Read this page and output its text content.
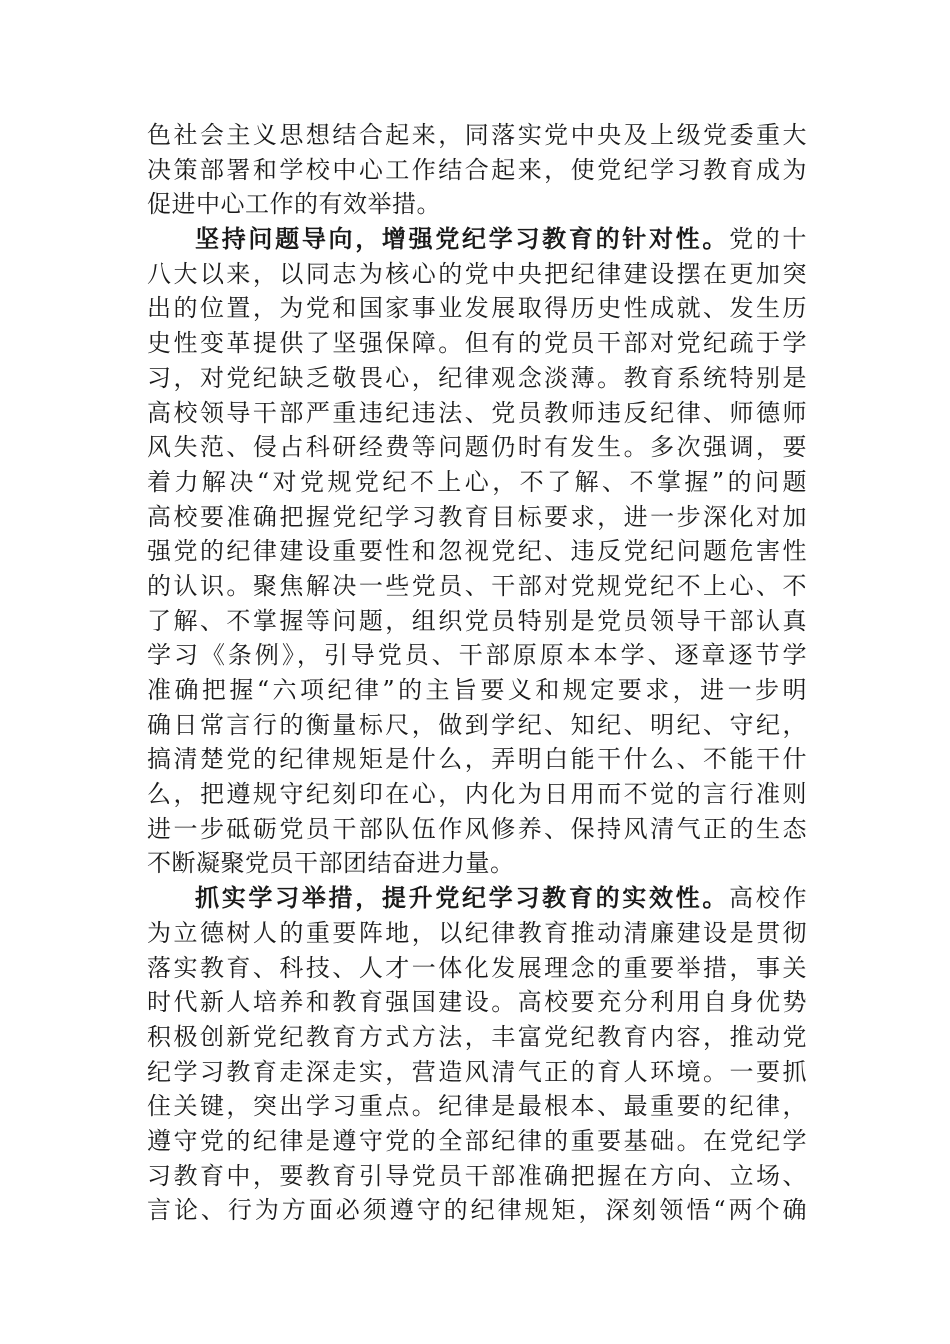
色社会主义思想结合起来，同落实党中央及上级党委重大
决策部署和学校中心工作结合起来，使党纪学习教育成为
促进中心工作的有效举措。
坚持问题导向，增强党纪学习教育的针对性。党的十
八大以来，以同志为核心的党中央把纪律建设摆在更加突
出的位置，为党和国家事业发展取得历史性成就、发生历
史性变革提供了坚强保障。但有的党员干部对党纪疏于学
习，对党纪缺乏敬畏心，纪律观念淡薄。教育系统特别是
高校领导干部严重违纪违法、党员教师违反纪律、师德师
风失范、侵占科研经费等问题仍时有发生。多次强调，要
着力解决“对党规党纪不上心，不了解、不掌握”的问题
高校要准确把握党纪学习教育目标要求，进一步深化对加
强党的纪律建设重要性和忽视党纪、违反党纪问题危害性
的认识。聚焦解决一些党员、干部对党规党纪不上心、不
了解、不掌握等问题，组织党员特别是党员领导干部认真
学习《条例》，引导党员、干部原原本本学、逐章逐节学
准确把握“六项纪律”的主旨要义和规定要求，进一步明
确日常言行的衡量标尺，做到学纪、知纪、明纪、守纪，
搞清楚党的纪律规矩是什么，弄明白能干什么、不能干什
么，把遵规守纪刻印在心，内化为日用而不觉的言行准则
进一步砥砺党员干部队伍作风修养、保持风清气正的生态
不断凝聚党员干部团结奋进力量。
抓实学习举措，提升党纪学习教育的实效性。高校作
为立德树人的重要阵地，以纪律教育推动清廉建设是贯彻
落实教育、科技、人才一体化发展理念的重要举措，事关
时代新人培养和教育强国建设。高校要充分利用自身优势
积极创新党纪教育方式方法，丰富党纪教育内容，推动党
纪学习教育走深走实，营造风清气正的育人环境。一要抓
住关键，突出学习重点。纪律是最根本、最重要的纪律，
遵守党的纪律是遵守党的全部纪律的重要基础。在党纪学
习教育中，要教育引导党员干部准确把握在方向、立场、
言论、行为方面必须遵守的纪律规矩，深刻领悟“两个确
